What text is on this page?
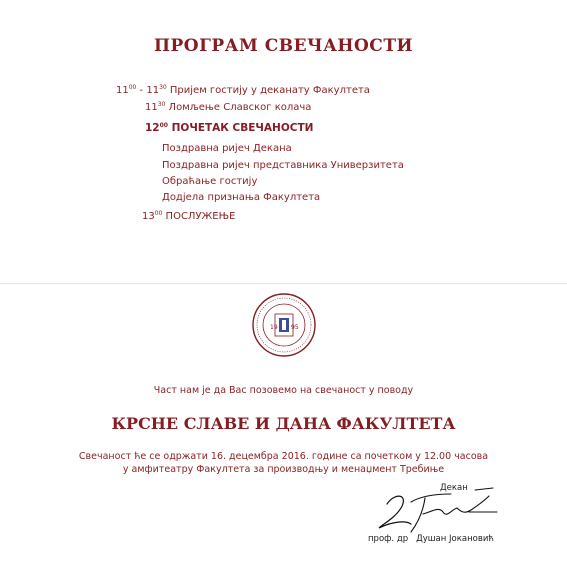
ПРОГРАМ СВЕЧАНОСТИ
$11^{00} - 11^{30}$ Пријем гостију у деканату Факултета
$11^{30}$ Ломљење Славског колача
$12^{00}$ ПОЧЕТАК СВЕЧАНОСТИ
Поздравна ријеч Декана
Поздравна ријеч представника Универзитета
Обраћање гостију
Додјела признања Факултета
$13^{00}$ ПОСЛУЖЕЊЕ
19 95
Част нам је да Вас позовемо на свечаност у поводу
КРСНЕ СЛАВЕ И ДАНА ФАКУЛТЕТА
Свечаност ће се одржати 16. децембра 2016. године са почетком у 12.00 часова
у амфитеатру Факултета за производњу и менаџмент Требиње
Декан
проф. др Душан Јокановић
